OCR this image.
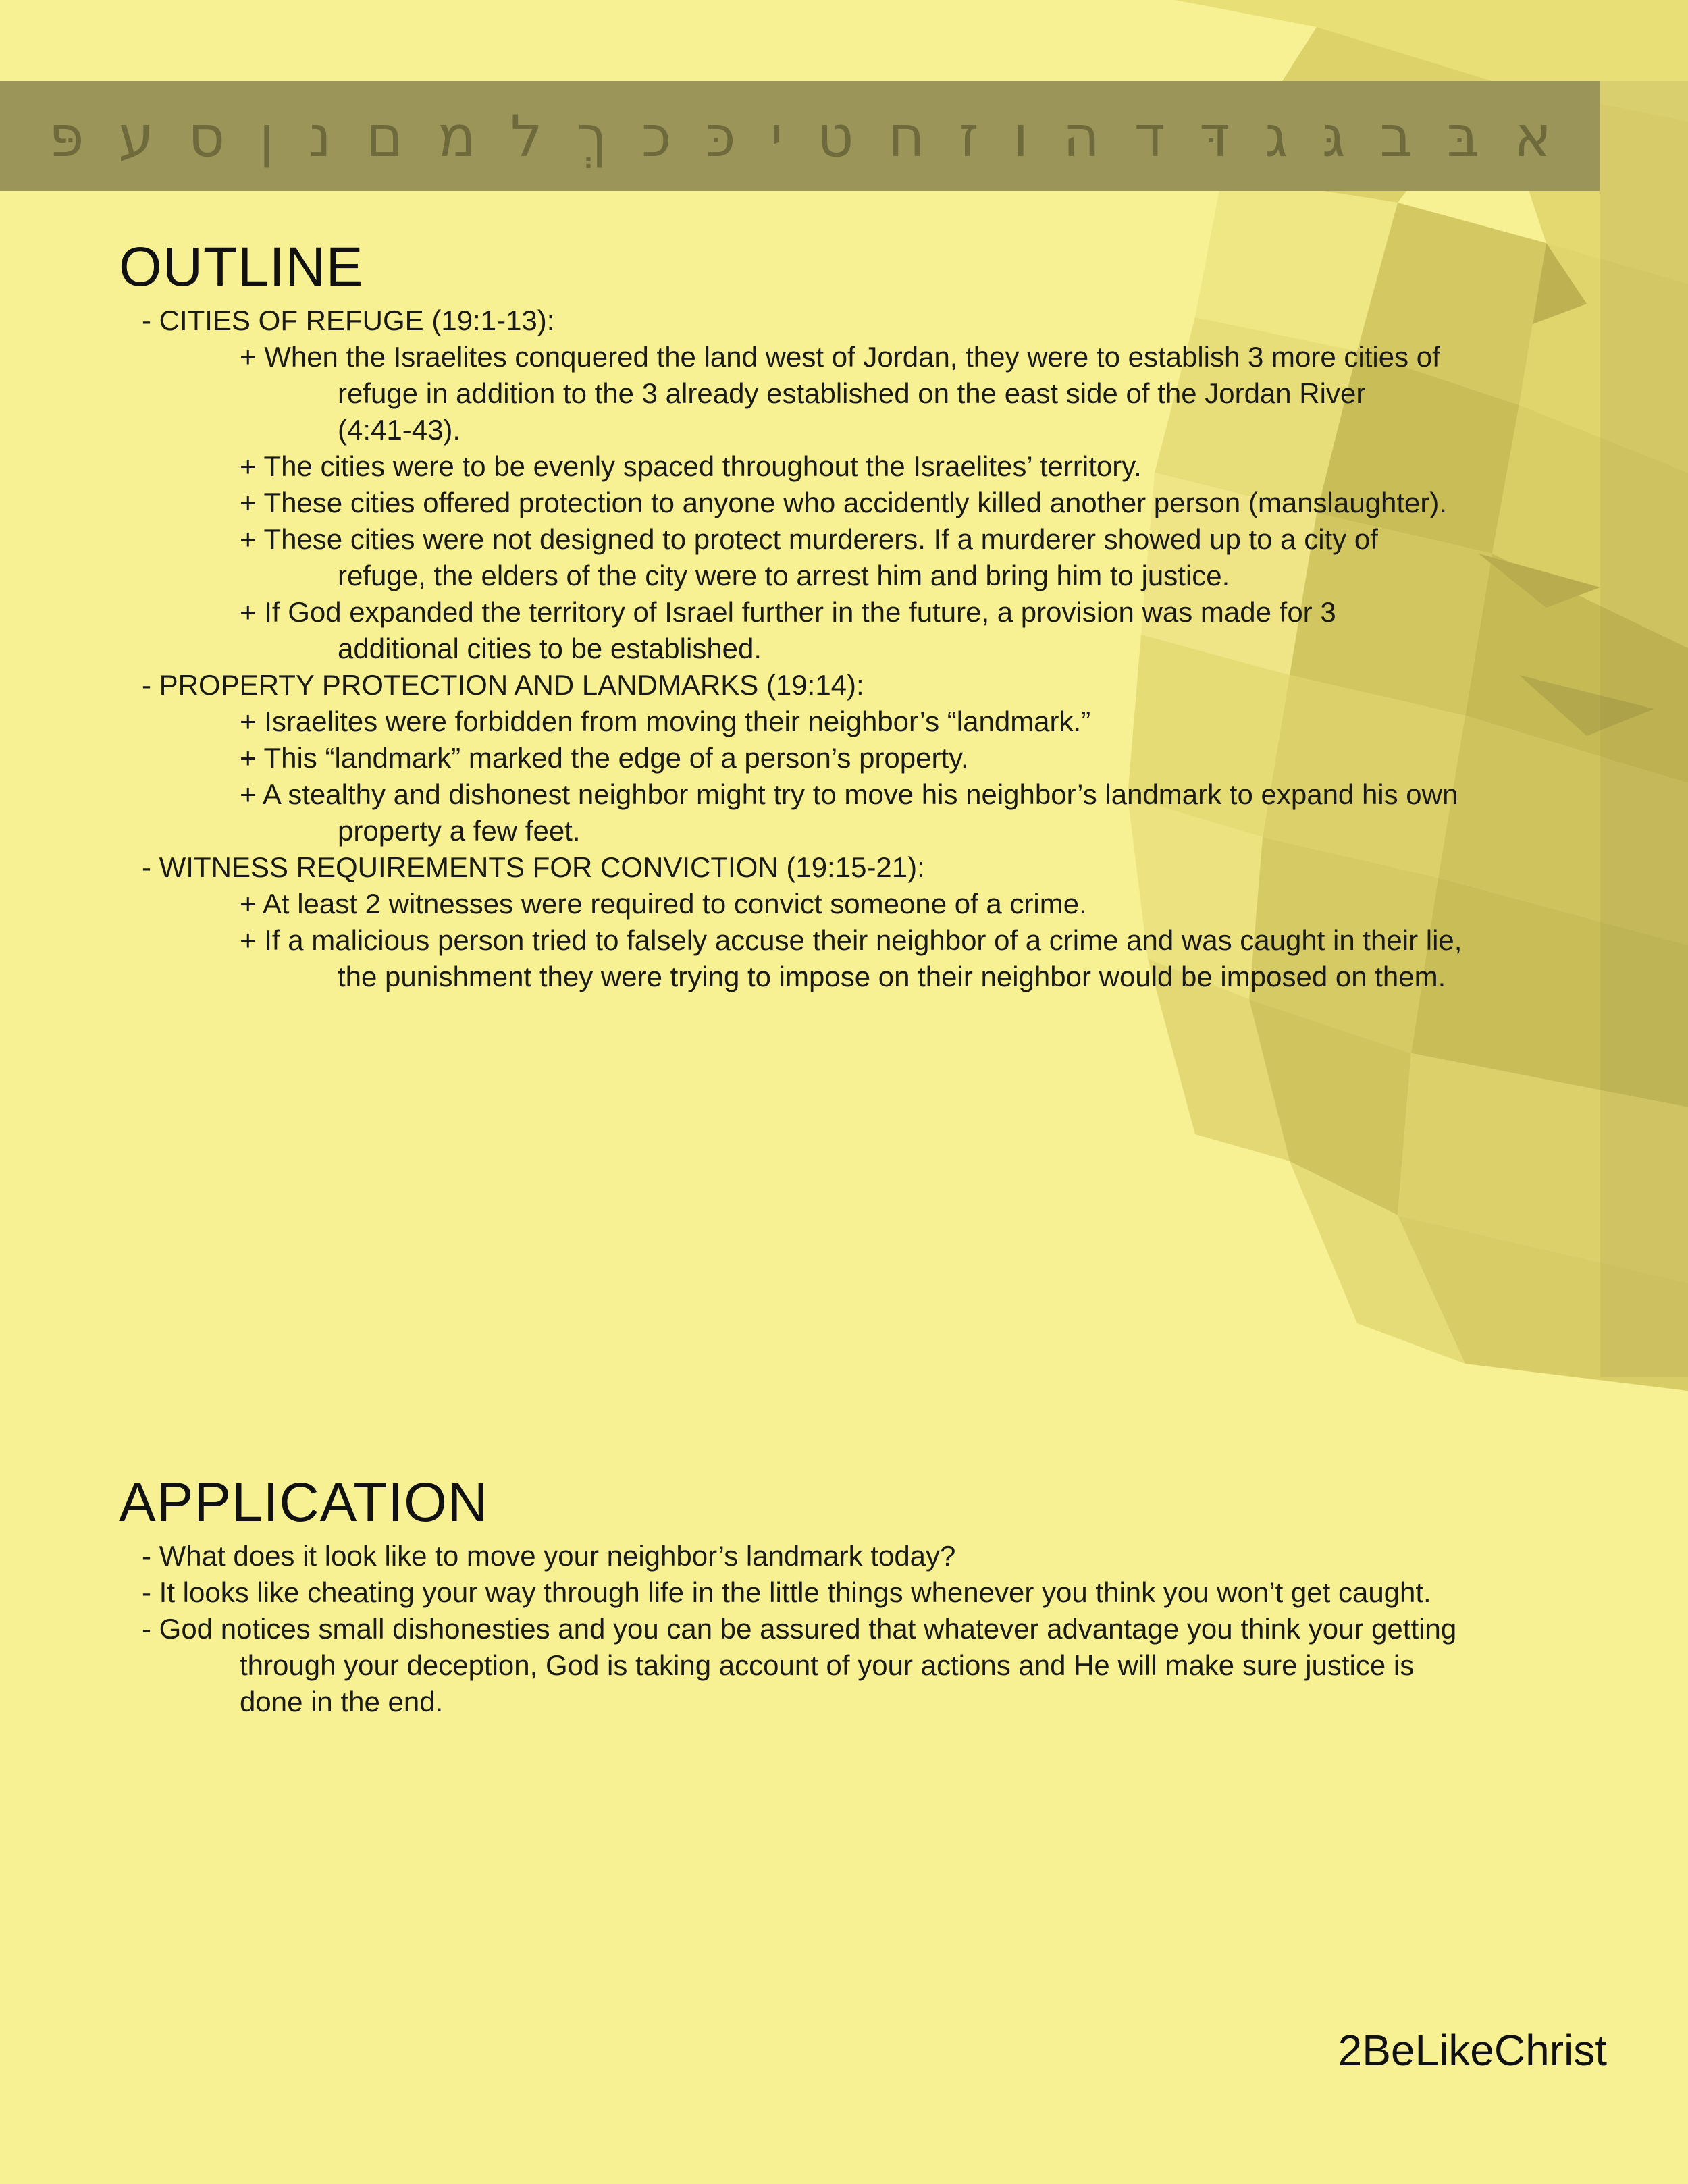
א בּ ב גּ ג דּ ד ה ו ז ח ט י כּ כ ךְ ל מ ם נ ן ס ע פּ
OUTLINE
- CITIES OF REFUGE (19:1-13):
+ When the Israelites conquered the land west of Jordan, they were to establish 3 more cities of
refuge in addition to the 3 already established on the east side of the Jordan River
(4:41-43).
+ The cities were to be evenly spaced throughout the Israelites’ territory.
+ These cities offered protection to anyone who accidently killed another person (manslaughter).
+ These cities were not designed to protect murderers. If a murderer showed up to a city of
refuge, the elders of the city were to arrest him and bring him to justice.
+ If God expanded the territory of Israel further in the future, a provision was made for 3
additional cities to be established.
- PROPERTY PROTECTION AND LANDMARKS (19:14):
+ Israelites were forbidden from moving their neighbor’s “landmark.”
+ This “landmark” marked the edge of a person’s property.
+ A stealthy and dishonest neighbor might try to move his neighbor’s landmark to expand his own
property a few feet.
- WITNESS REQUIREMENTS FOR CONVICTION (19:15-21):
+ At least 2 witnesses were required to convict someone of a crime.
+ If a malicious person tried to falsely accuse their neighbor of a crime and was caught in their lie,
the punishment they were trying to impose on their neighbor would be imposed on them.
APPLICATION
- What does it look like to move your neighbor’s landmark today?
- It looks like cheating your way through life in the little things whenever you think you won’t get caught.
- God notices small dishonesties and you can be assured that whatever advantage you think your getting
through your deception, God is taking account of your actions and He will make sure justice is
done in the end.
2BeLikeChrist
